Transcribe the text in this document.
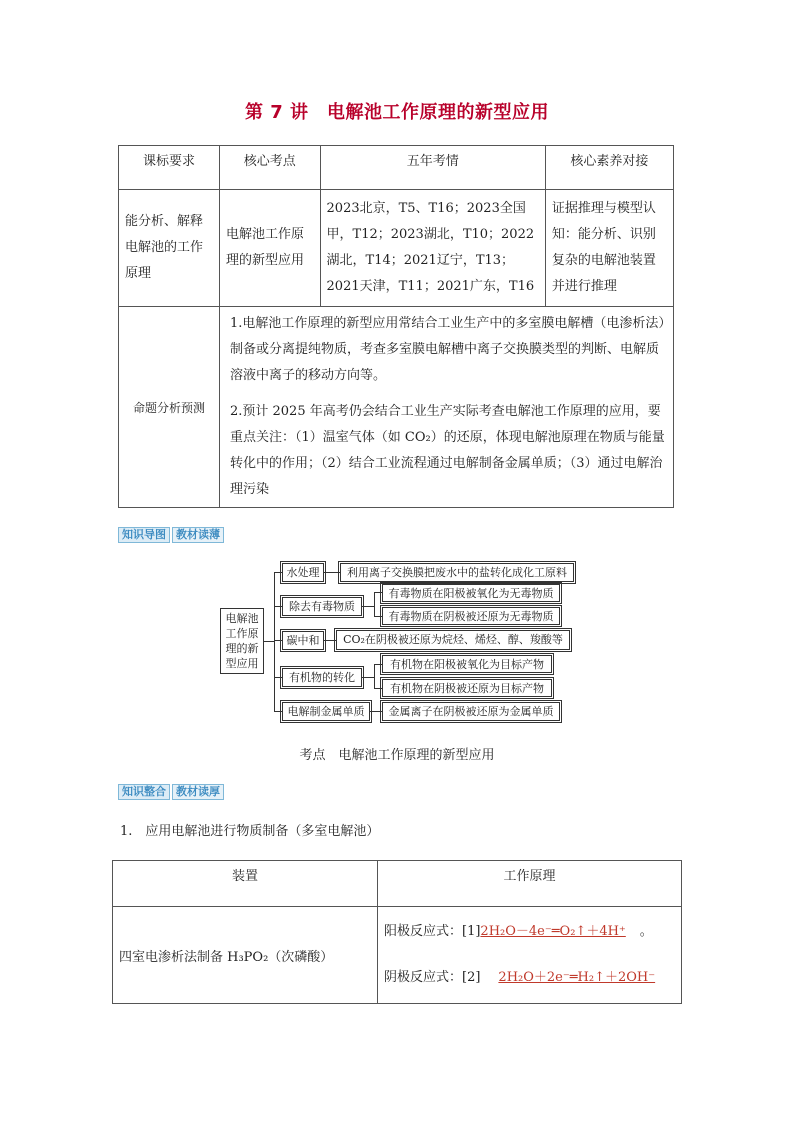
第 7 讲　电解池工作原理的新型应用
课标要求	核心考点	五年考情	核心素养对接
能分析、解释电解池的工作原理	电解池工作原理的新型应用	2023北京，T5、T16；2023全国甲，T12；2023湖北，T10；2022湖北，T14；2021辽宁，T13；2021天津，T11；2021广东，T16	证据推理与模型认知：能分析、识别复杂的电解池装置并进行推理
命题分析预测	1.电解池工作原理的新型应用常结合工业生产中的多室膜电解槽（电渗析法）制备或分离提纯物质，考查多室膜电解槽中离子交换膜类型的判断、电解质溶液中离子的移动方向等。

2.预计 2025 年高考仍会结合工业生产实际考查电解池工作原理的应用，要重点关注：（1）温室气体（如 CO₂）的还原，体现电解池原理在物质与能量转化中的作用；（2）结合工业流程通过电解制备金属单质；（3）通过电解治理污染		

知识导图 教材读薄
电解池工作原理的新型应用
水处理	利用离子交换膜把废水中的盐转化成化工原料
除去有毒物质
有毒物质在阳极被氧化为无毒物质
有毒物质在阴极被还原为无毒物质
碳中和	CO₂在阴极被还原为烷烃、烯烃、醇、羧酸等
有机物的转化
有机物在阳极被氧化为目标产物
有机物在阴极被还原为目标产物
电解制金属单质	金属离子在阴极被还原为金属单质
考点　电解池工作原理的新型应用
知识整合 教材读厚
1.　应用电解池进行物质制备（多室电解池）
装置	工作原理
四室电渗析法制备 H₃PO₂（次磷酸）	阳极反应式：[1]2H₂O－4e⁻═O₂↑＋4H⁺ 。
阴极反应式：[2] 2H₂O＋2e⁻═H₂↑＋2OH⁻
